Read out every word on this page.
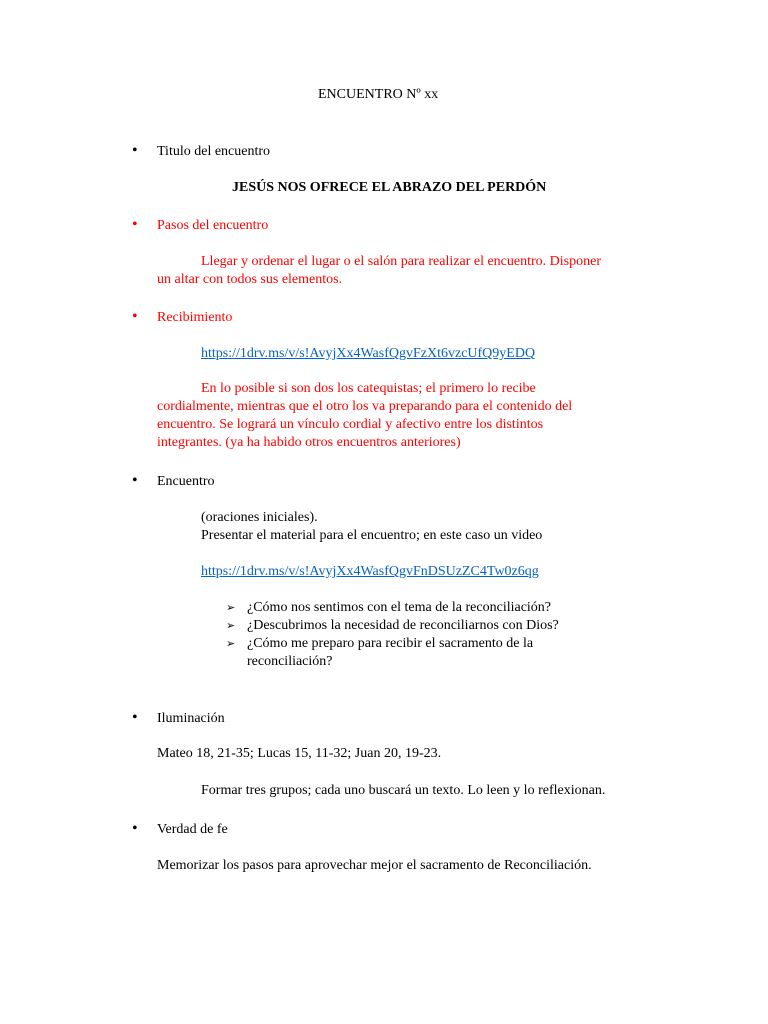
ENCUENTRO Nº xx
• Titulo del encuentro
JESÚS NOS OFRECE EL ABRAZO DEL PERDÓN
• Pasos del encuentro
Llegar y ordenar el lugar o el salón para realizar el encuentro. Disponer
un altar con todos sus elementos.
• Recibimiento
https://1drv.ms/v/s!AvyjXx4WasfQgvFzXt6vzcUfQ9yEDQ
En lo posible si son dos los catequistas; el primero lo recibe
cordialmente, mientras que el otro los va preparando para el contenido del
encuentro. Se logrará un vínculo cordial y afectivo entre los distintos
integrantes. (ya ha habido otros encuentros anteriores)
• Encuentro
(oraciones iniciales).
Presentar el material para el encuentro; en este caso un video
https://1drv.ms/v/s!AvyjXx4WasfQgvFnDSUzZC4Tw0z6qg
➢ ¿Cómo nos sentimos con el tema de la reconciliación?
➢ ¿Descubrimos la necesidad de reconciliarnos con Dios?
➢ ¿Cómo me preparo para recibir el sacramento de la
reconciliación?
• Iluminación
Mateo 18, 21-35; Lucas 15, 11-32; Juan 20, 19-23.
Formar tres grupos; cada uno buscará un texto. Lo leen y lo reflexionan.
• Verdad de fe
Memorizar los pasos para aprovechar mejor el sacramento de Reconciliación.
